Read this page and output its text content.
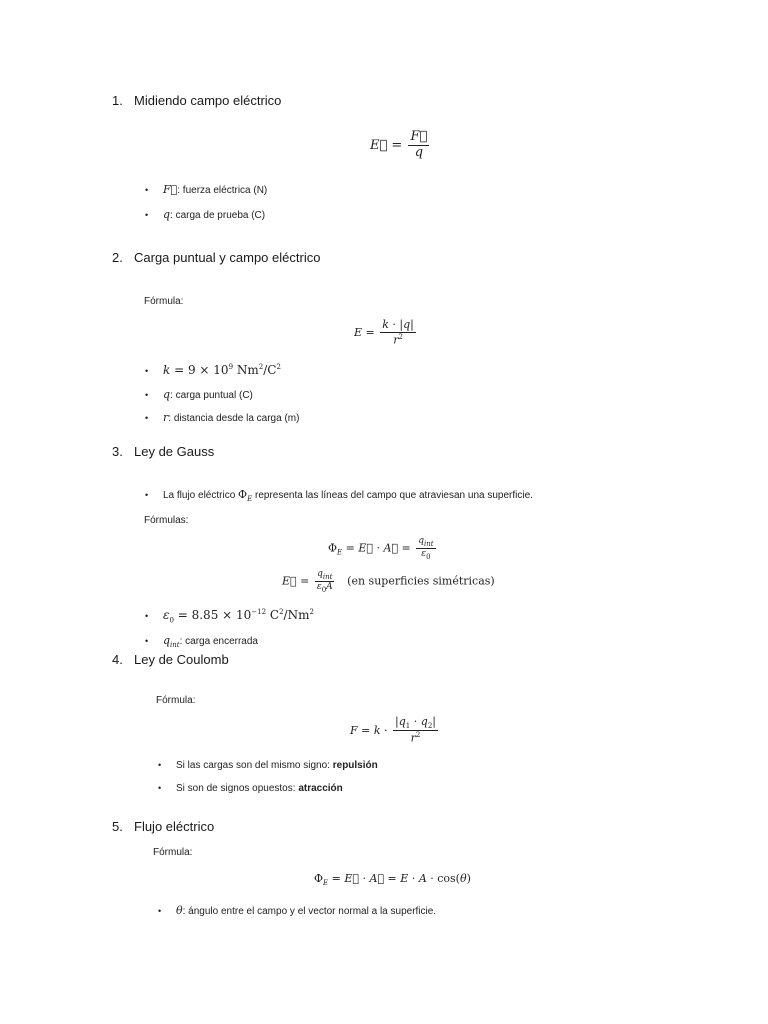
1. Midiendo campo eléctrico
E⃗ = $\frac{F⃗}{q}$
• F⃗: fuerza eléctrica (N)
• q: carga de prueba (C)
2. Carga puntual y campo eléctrico
Fórmula:
$E = \frac{k \cdot |q|}{r^2}$
• $k = 9 \times 10^9$ $Nm^2/C^2$
• q: carga puntual (C)
• r: distancia desde la carga (m)
3. Ley de Gauss
• La flujo eléctrico $\Phi_E$ representa las líneas del campo que atraviesan una superficie.
Fórmulas:
$\Phi_E$ = E⃗ · A⃗ = $\frac{q_{int}}{\varepsilon_0}$
E⃗ = $\frac{q_{int}}{\varepsilon_0A} (en$ superficies simétricas)
• $\varepsilon_0 = 8.85 \times 10^{-12}$ $C^2/Nm^2$
• $q_{int}$: carga encerrada
4. Ley de Coulomb
Fórmula:
$F = k \cdot \frac{|q_1 \cdot q_2|}{r^2}$
• Si las cargas son del mismo signo: repulsión
• Si son de signos opuestos: atracción
5. Flujo eléctrico
Fórmula:
$\Phi_E$ = E⃗ · A⃗ = E · A · cos(θ)
• θ: ángulo entre el campo y el vector normal a la superficie.
